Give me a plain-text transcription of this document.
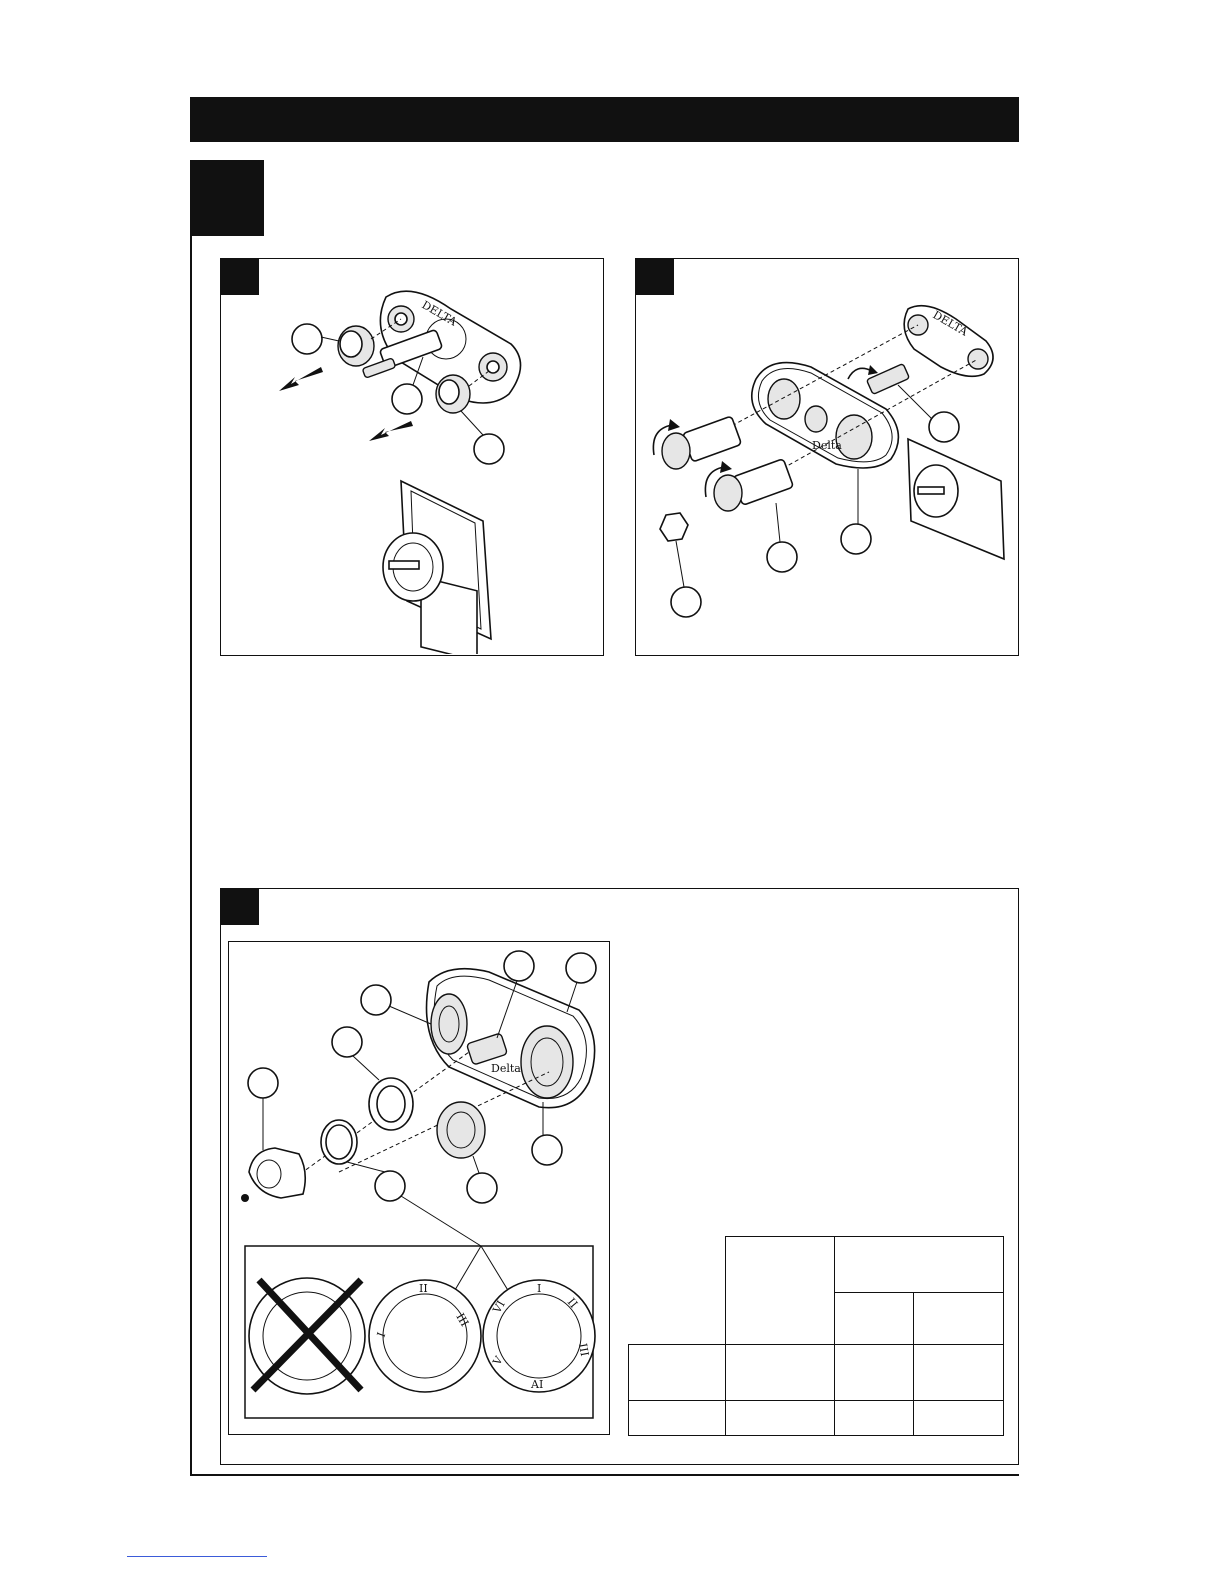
DELTA	DELTA
Delta
Delta
II
I
III
I
II
III
AI
V
VI
